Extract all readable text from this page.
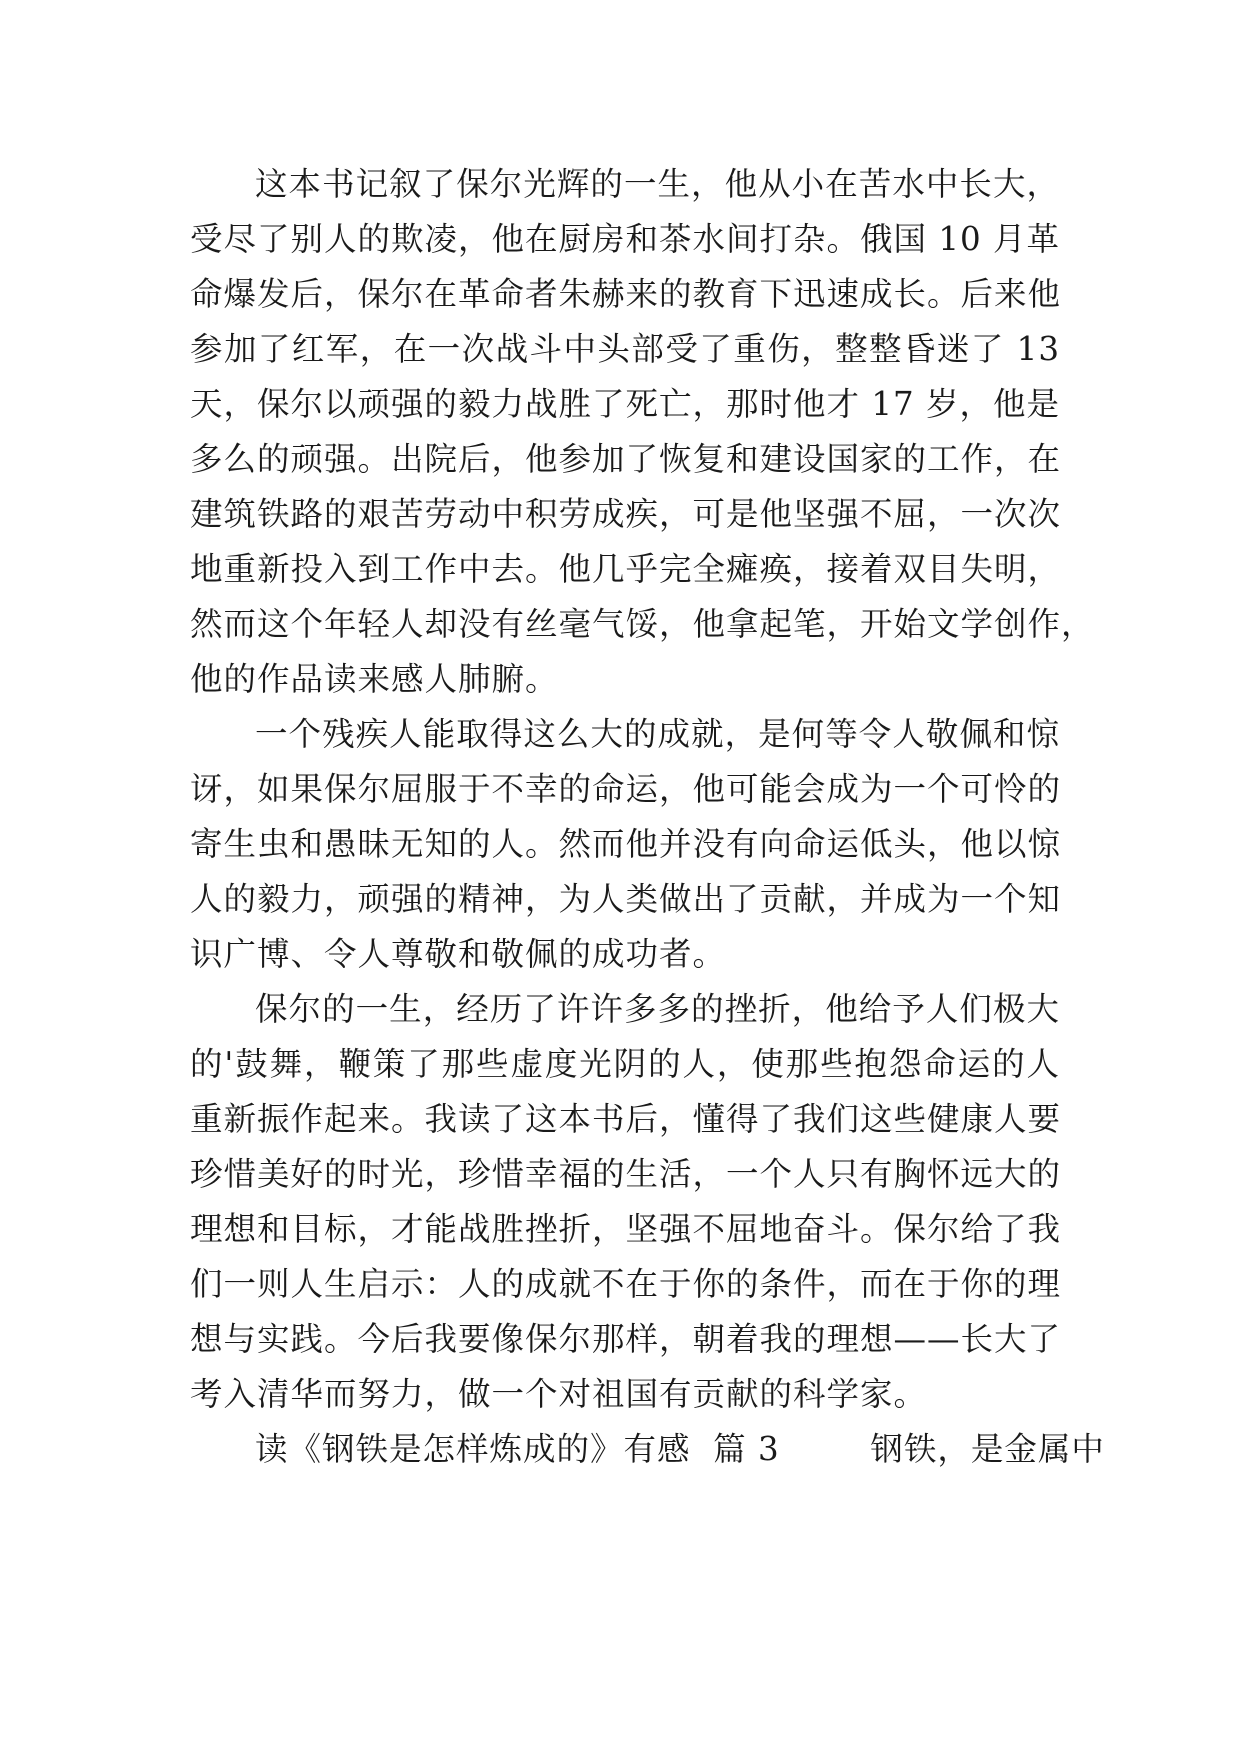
这本书记叙了保尔光辉的一生，他从小在苦水中长大，
受尽了别人的欺凌，他在厨房和茶水间打杂。俄国 10 月革
命爆发后，保尔在革命者朱赫来的教育下迅速成长。后来他
参加了红军，在一次战斗中头部受了重伤，整整昏迷了 13
天，保尔以顽强的毅力战胜了死亡，那时他才 17 岁，他是
多么的顽强。出院后，他参加了恢复和建设国家的工作，在
建筑铁路的艰苦劳动中积劳成疾，可是他坚强不屈，一次次
地重新投入到工作中去。他几乎完全瘫痪，接着双目失明，
然而这个年轻人却没有丝毫气馁，他拿起笔，开始文学创作，
他的作品读来感人肺腑。
一个残疾人能取得这么大的成就，是何等令人敬佩和惊
讶，如果保尔屈服于不幸的命运，他可能会成为一个可怜的
寄生虫和愚昧无知的人。然而他并没有向命运低头，他以惊
人的毅力，顽强的精神，为人类做出了贡献，并成为一个知
识广博、令人尊敬和敬佩的成功者。
保尔的一生，经历了许许多多的挫折，他给予人们极大
的'鼓舞，鞭策了那些虚度光阴的人，使那些抱怨命运的人
重新振作起来。我读了这本书后，懂得了我们这些健康人要
珍惜美好的时光，珍惜幸福的生活，一个人只有胸怀远大的
理想和目标，才能战胜挫折，坚强不屈地奋斗。保尔给了我
们一则人生启示：人的成就不在于你的条件，而在于你的理
想与实践。今后我要像保尔那样，朝着我的理想——长大了
考入清华而努力，做一个对祖国有贡献的科学家。
读《钢铁是怎样炼成的》有感  篇 3        钢铁，是金属中
